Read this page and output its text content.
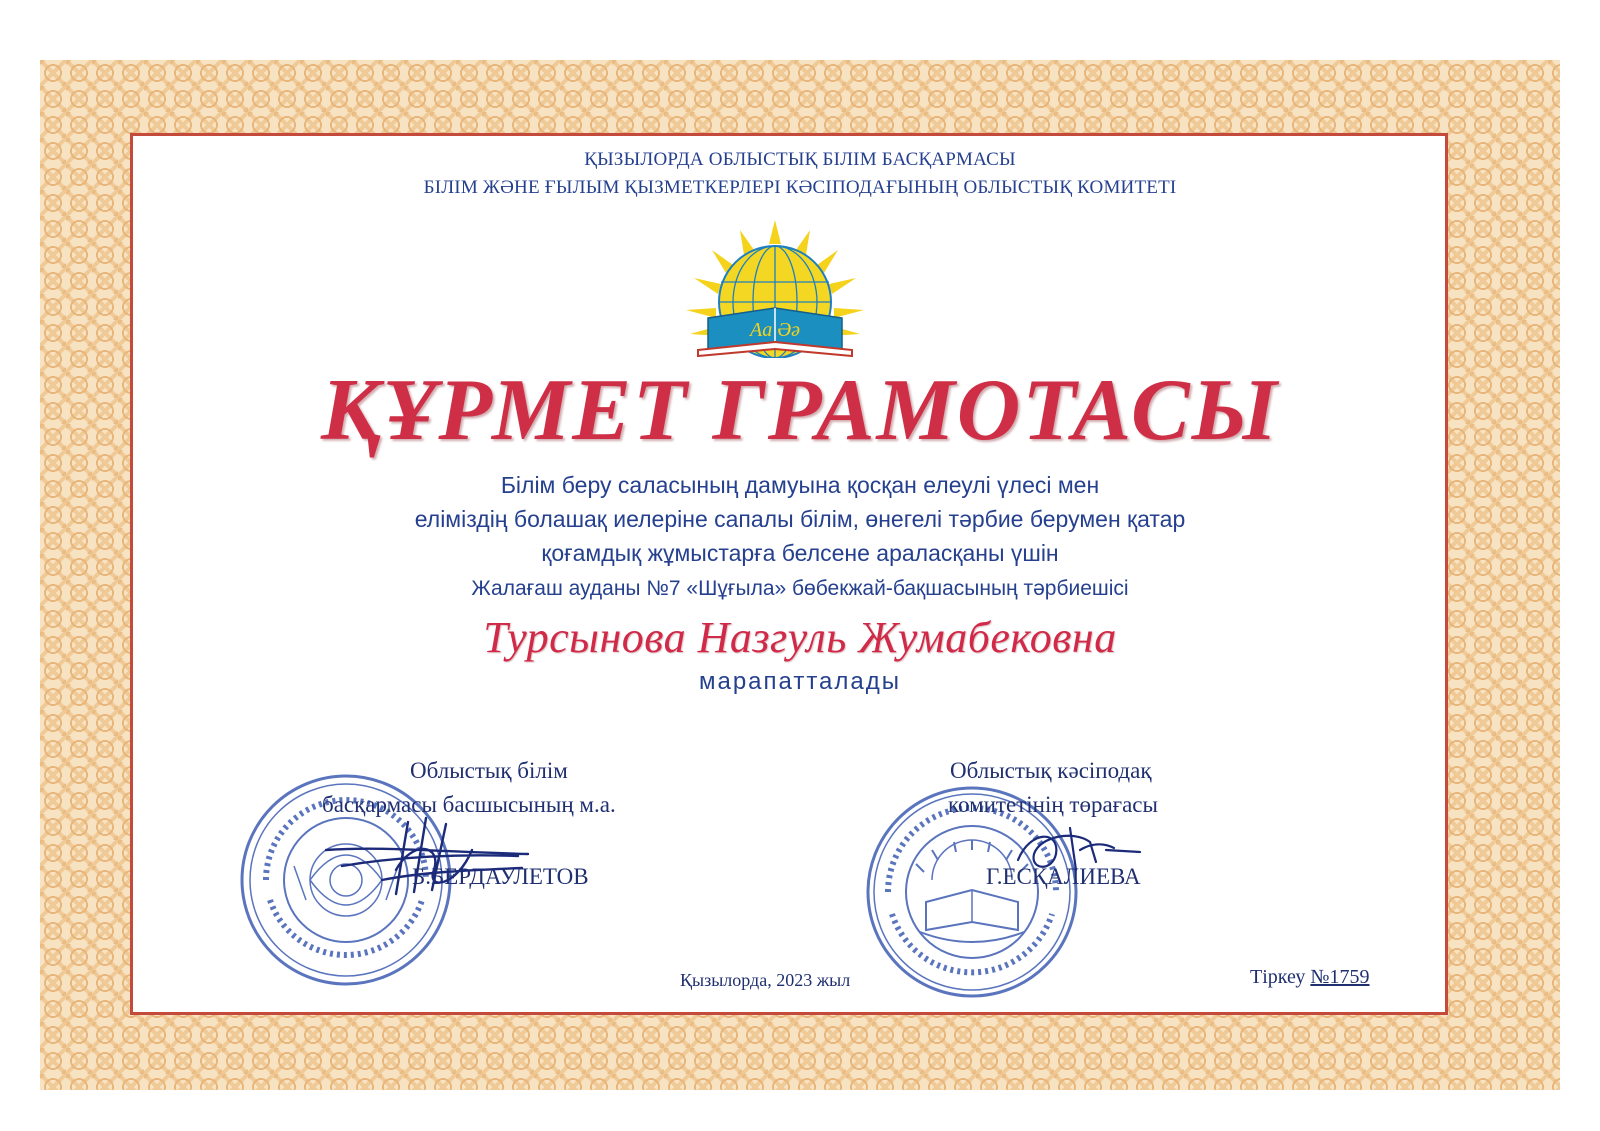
ҚЫЗЫЛОРДА ОБЛЫСТЫҚ БІЛІМ БАСҚАРМАСЫ
БІЛІМ ЖӘНЕ ҒЫЛЫМ ҚЫЗМЕТКЕРЛЕРІ КӘСІПОДАҒЫНЫҢ ОБЛЫСТЫҚ КОМИТЕТІ
Aa Әә
ҚҰРМЕТ ГРАМОТАСЫ
Білім беру саласының дамуына қосқан елеулі үлесі мен
еліміздің болашақ иелеріне сапалы білім, өнегелі тәрбие берумен қатар
қоғамдық жұмыстарға белсене араласқаны үшін
Жалағаш ауданы №7 «Шұғыла» бөбекжай-бақшасының тәрбиешісі
Турсынова Назгуль Жумабековна
марапатталады
Облыстық білім
басқармасы басшысының м.а.
Б.БЕРДАУЛЕТОВ
Облыстық кәсіподақ
комитетінің төрағасы
Г.ЕСҚАЛИЕВА
Қызылорда, 2023 жыл	Тіркеу №1759
